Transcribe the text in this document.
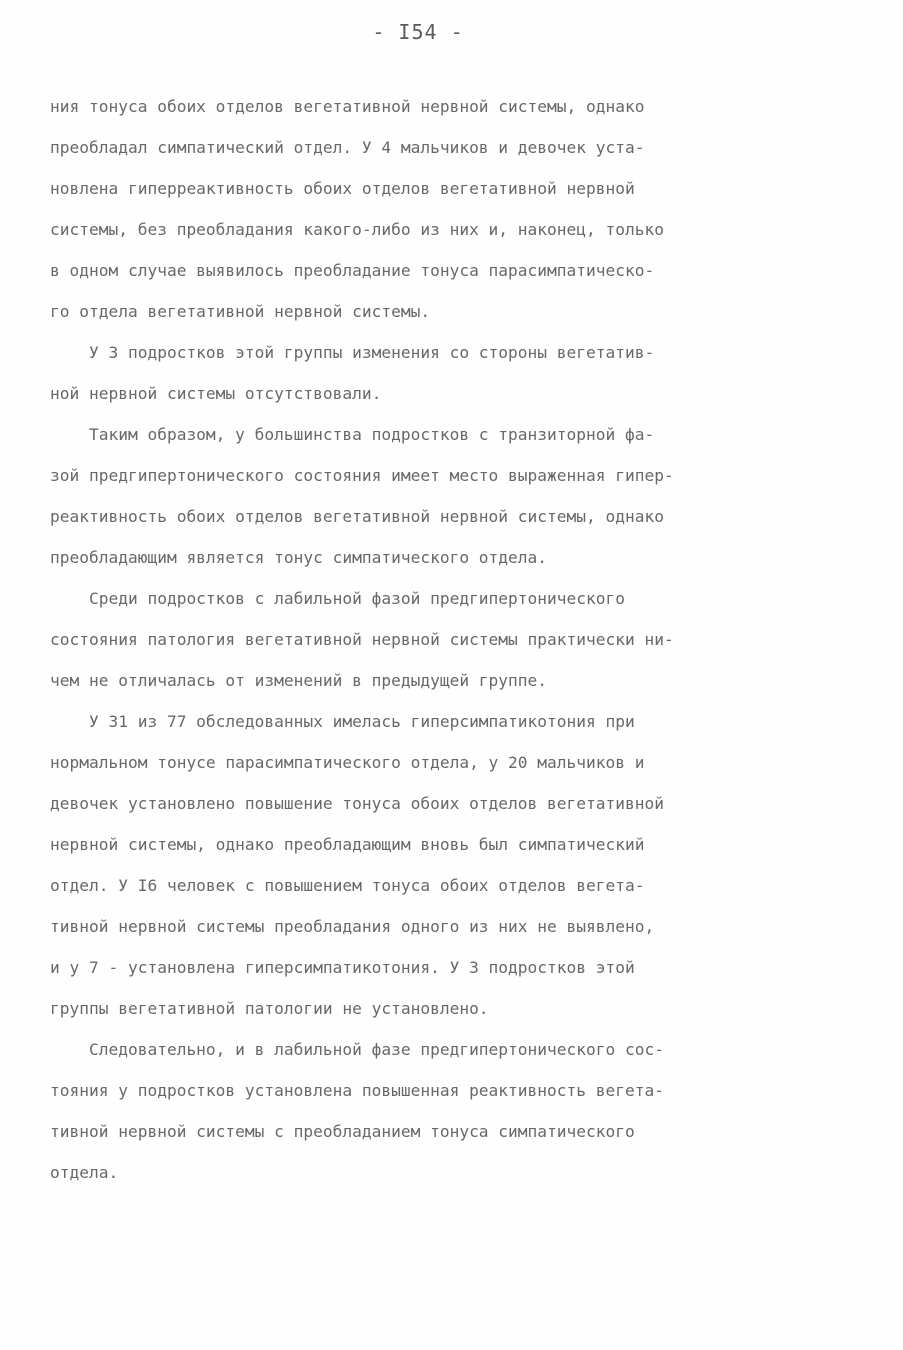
- I54 -
ния тонуса обоих отделов вегетативной нервной системы, однако
преобладал симпатический отдел. У 4 мальчиков и девочек уста-
новлена гиперреактивность обоих отделов вегетативной нервной
системы, без преобладания какого-либо из них и, наконец, только
в одном случае выявилось преобладание тонуса парасимпатическо-
го отдела вегетативной нервной системы.
У 3 подростков этой группы изменения со стороны вегетатив-
ной нервной системы отсутствовали.
Таким образом, у большинства подростков с транзиторной фа-
зой предгипертонического состояния имеет место выраженная гипер-
реактивность обоих отделов вегетативной нервной системы, однако
преобладающим является тонус симпатического отдела.
Среди подростков с лабильной фазой предгипертонического
состояния патология вегетативной нервной системы практически ни-
чем не отличалась от изменений в предыдущей группе.
У 31 из 77 обследованных имелась гиперсимпатикотония при
нормальном тонусе парасимпатического отдела, у 20 мальчиков и
девочек установлено повышение тонуса обоих отделов вегетативной
нервной системы, однако преобладающим вновь был симпатический
отдел. У I6 человек с повышением тонуса обоих отделов вегета-
тивной нервной системы преобладания одного из них не выявлено,
и у 7 - установлена гиперсимпатикотония. У 3 подростков этой
группы вегетативной патологии не установлено.
Следовательно, и в лабильной фазе предгипертонического сос-
тояния у подростков установлена повышенная реактивность вегета-
тивной нервной системы с преобладанием тонуса симпатического
отдела.
